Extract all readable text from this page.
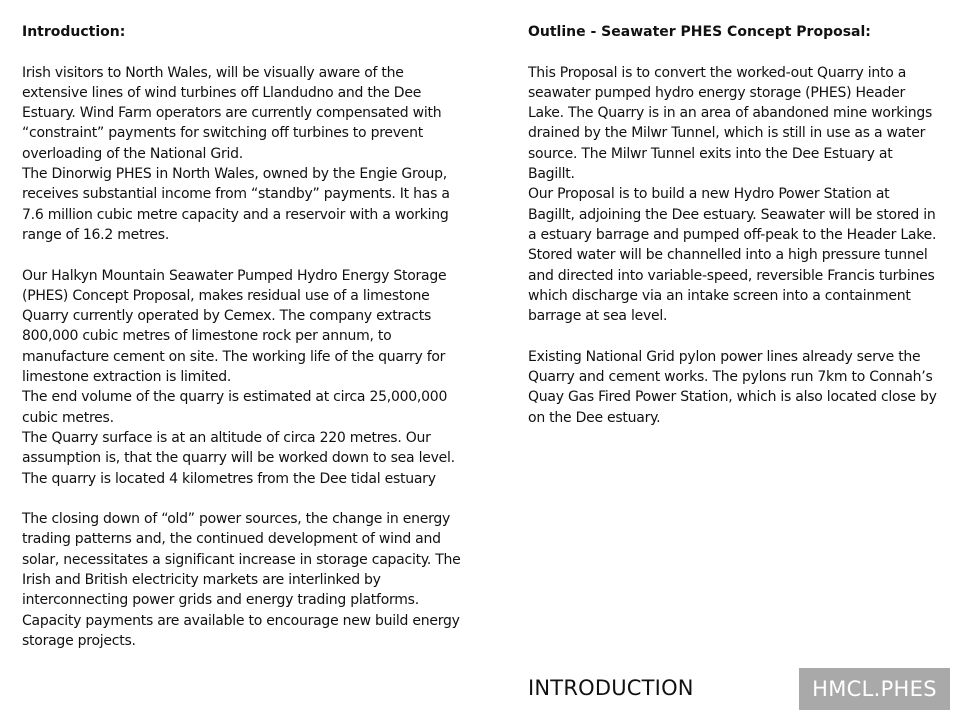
Introduction:

Irish visitors to North Wales, will be visually aware of the extensive lines of wind turbines off Llandudno and the Dee Estuary. Wind Farm operators are currently compensated with “constraint” payments for switching off turbines to prevent overloading of the National Grid.

The Dinorwig PHES in North Wales, owned by the Engie Group, receives substantial income from “standby” payments. It has a 7.6 million cubic metre capacity and a reservoir with a working range of 16.2 metres.

Our Halkyn Mountain Seawater Pumped Hydro Energy Storage (PHES) Concept Proposal, makes residual use of a limestone Quarry currently operated by Cemex. The company extracts 800,000 cubic metres of limestone rock per annum, to manufacture cement on site. The working life of the quarry for limestone extraction is limited.

The end volume of the quarry is estimated at circa 25,000,000 cubic metres.

The Quarry surface is at an altitude of circa 220 metres. Our assumption is, that the quarry will be worked down to sea level. The quarry is located 4 kilometres from the Dee tidal estuary

The closing down of “old” power sources, the change in energy trading patterns and, the continued development of wind and solar, necessitates a significant increase in storage capacity. The Irish and British electricity markets are interlinked by interconnecting power grids and energy trading platforms. Capacity payments are available to encourage new build energy storage projects.

Outline - Seawater PHES Concept Proposal:

This Proposal is to convert the worked-out Quarry into a seawater pumped hydro energy storage (PHES) Header Lake. The Quarry is in an area of abandoned mine workings drained by the Milwr Tunnel, which is still in use as a water source. The Milwr Tunnel exits into the Dee Estuary at Bagillt.

Our Proposal is to build a new Hydro Power Station at Bagillt, adjoining the Dee estuary. Seawater will be stored in a estuary barrage and pumped off-peak to the Header Lake. Stored water will be channelled into a high pressure tunnel and directed into variable-speed, reversible Francis turbines which discharge via an intake screen into a containment barrage at sea level.

Existing National Grid pylon power lines already serve the Quarry and cement works. The pylons run 7km to Connah’s Quay Gas Fired Power Station, which is also located close by on the Dee estuary.

INTRODUCTION	HMCL.PHES
